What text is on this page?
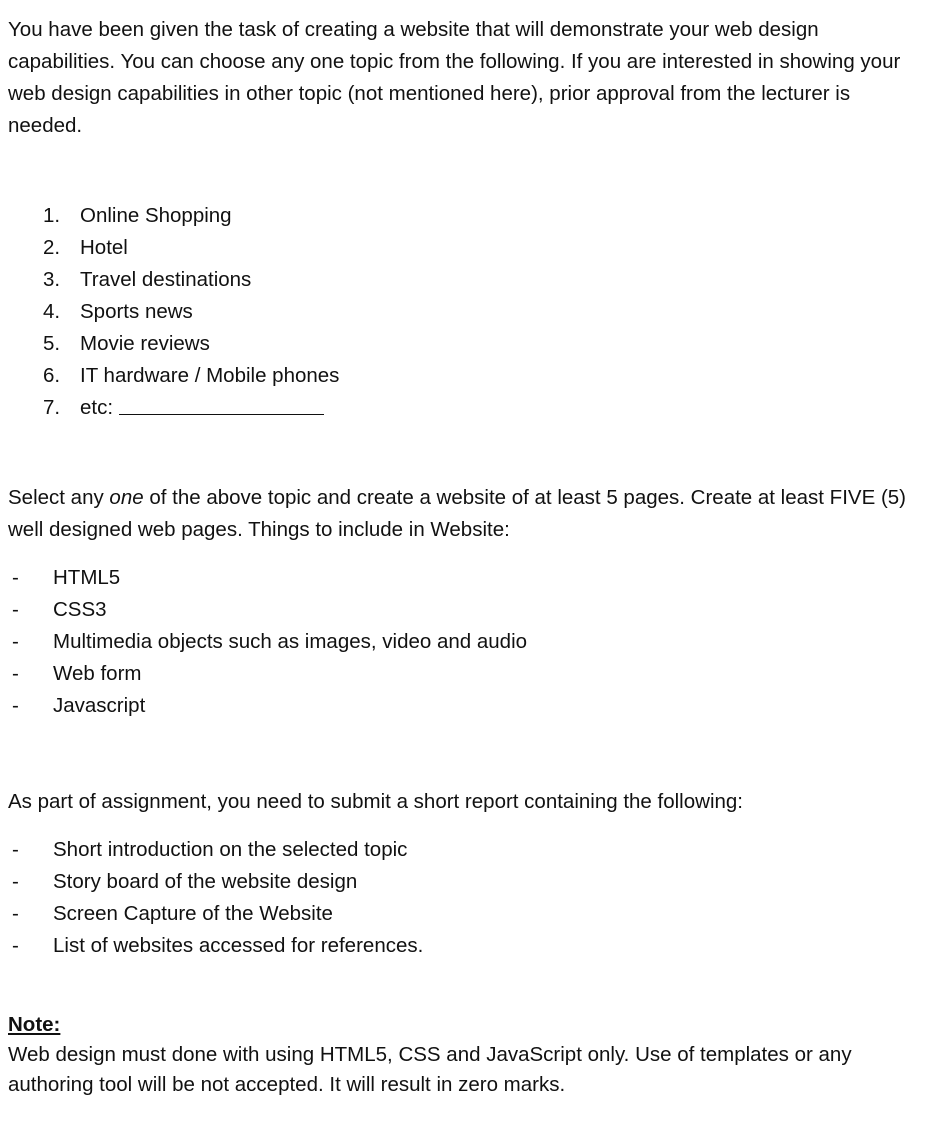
You have been given the task of creating a website that will demonstrate your web design capabilities. You can choose any one topic from the following. If you are interested in showing your web design capabilities in other topic (not mentioned here), prior approval from the lecturer is needed.

1. Online Shopping
2. Hotel
3. Travel destinations
4. Sports news
5. Movie reviews
6. IT hardware / Mobile phones
7. etc:

Select any one of the above topic and create a website of at least 5 pages. Create at least FIVE (5) well designed web pages. Things to include in Website:

-	HTML5
-	CSS3
-	Multimedia objects such as images, video and audio
-	Web form
-	Javascript

As part of assignment, you need to submit a short report containing the following:

-	Short introduction on the selected topic
-	Story board of the website design
-	Screen Capture of the Website
-	List of websites accessed for references.
Note:
Web design must done with using HTML5, CSS and JavaScript only. Use of templates or any authoring tool will be not accepted. It will result in zero marks.
